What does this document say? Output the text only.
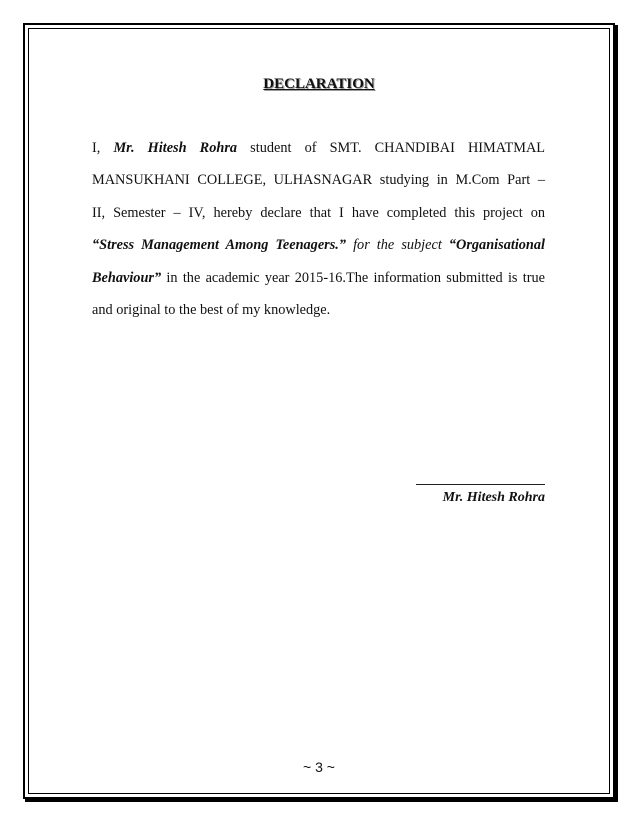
DECLARATION
I, Mr. Hitesh Rohra student of SMT. CHANDIBAI HIMATMAL
MANSUKHANI COLLEGE, ULHASNAGAR studying in M.Com Part –
II, Semester – IV, hereby declare that I have completed this project on
“Stress Management Among Teenagers.” for the subject “Organisational
Behaviour” in the academic year 2015-16.The information submitted is true
and original to the best of my knowledge.
Mr. Hitesh Rohra
~ 3 ~
